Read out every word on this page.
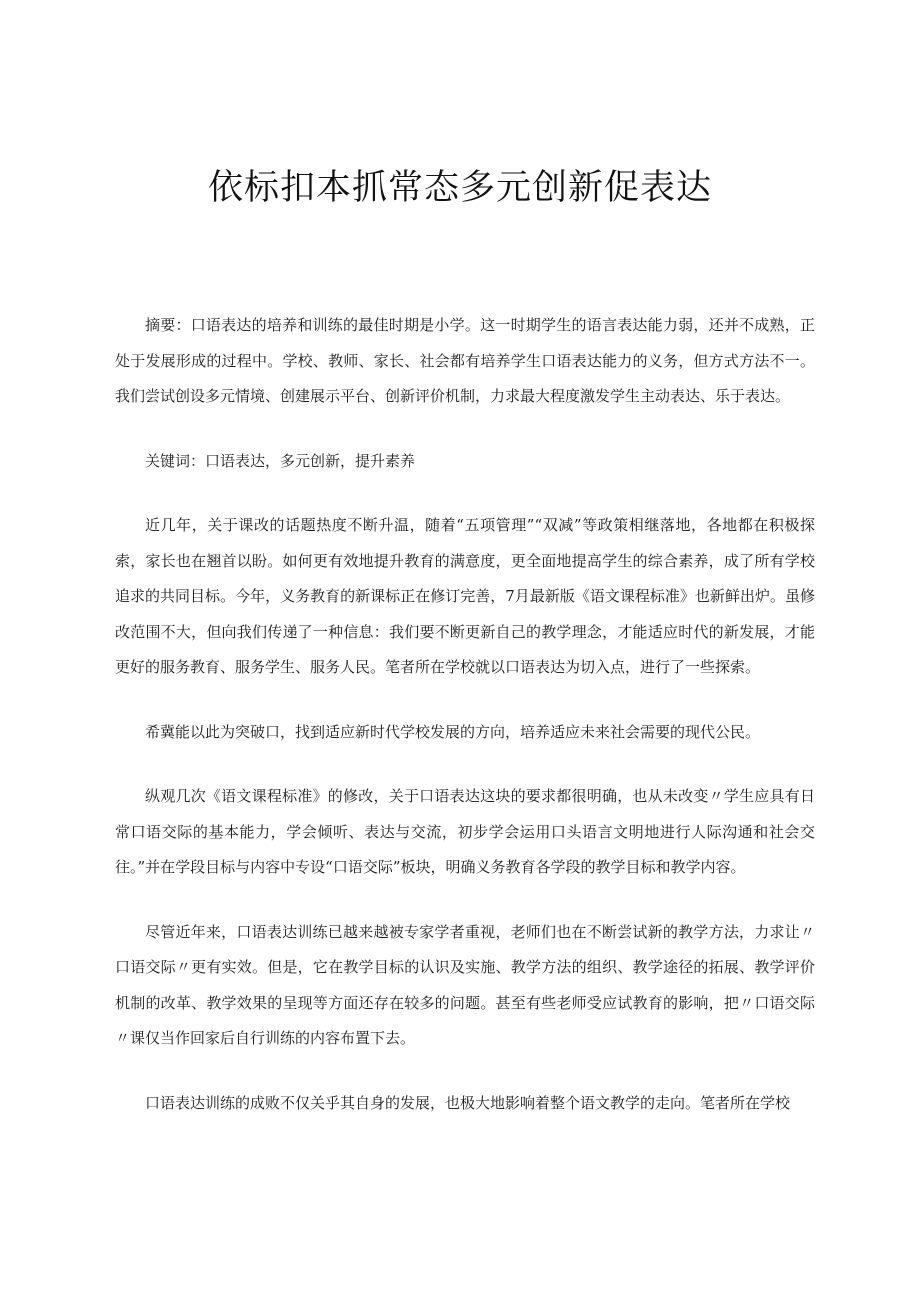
依标扣本抓常态多元创新促表达

摘要：口语表达的培养和训练的最佳时期是小学。这一时期学生的语言表达能力弱，还并不成熟，正处于发展形成的过程中。学校、教师、家长、社会都有培养学生口语表达能力的义务，但方式方法不一。我们尝试创设多元情境、创建展示平台、创新评价机制，力求最大程度激发学生主动表达、乐于表达。

关键词：口语表达，多元创新，提升素养

近几年，关于课改的话题热度不断升温，随着“五项管理”“双减”等政策相继落地，各地都在积极探索，家长也在翘首以盼。如何更有效地提升教育的满意度，更全面地提高学生的综合素养，成了所有学校追求的共同目标。今年，义务教育的新课标正在修订完善，7月最新版《语文课程标准》也新鲜出炉。虽修改范围不大，但向我们传递了一种信息：我们要不断更新自己的教学理念，才能适应时代的新发展，才能更好的服务教育、服务学生、服务人民。笔者所在学校就以口语表达为切入点，进行了一些探索。

希冀能以此为突破口，找到适应新时代学校发展的方向，培养适应未来社会需要的现代公民。

纵观几次《语文课程标准》的修改，关于口语表达这块的要求都很明确，也从未改变〃学生应具有日常口语交际的基本能力，学会倾听、表达与交流，初步学会运用口头语言文明地进行人际沟通和社会交往。”并在学段目标与内容中专设“口语交际”板块，明确义务教育各学段的教学目标和教学内容。

尽管近年来，口语表达训练已越来越被专家学者重视，老师们也在不断尝试新的教学方法，力求让〃口语交际〃更有实效。但是，它在教学目标的认识及实施、教学方法的组织、教学途径的拓展、教学评价机制的改革、教学效果的呈现等方面还存在较多的问题。甚至有些老师受应试教育的影响，把〃口语交际〃课仅当作回家后自行训练的内容布置下去。

口语表达训练的成败不仅关乎其自身的发展，也极大地影响着整个语文教学的走向。笔者所在学校
